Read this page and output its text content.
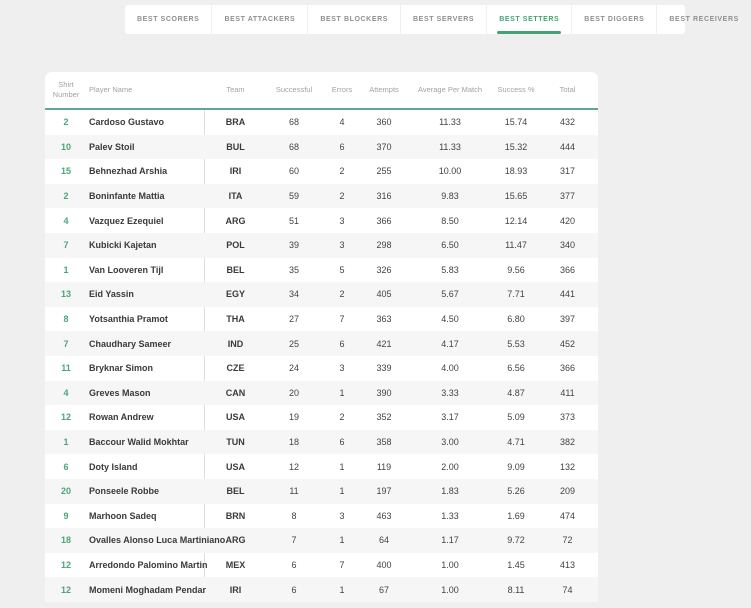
BEST SCORERS	BEST ATTACKERS	BEST BLOCKERS	BEST SERVERS	BEST SETTERS	BEST DIGGERS	BEST RECEIVERS
Shirt Number	Player Name	Team	Successful	Errors	Attempts	Average Per Match	Success %	Total
2	Cardoso Gustavo	BRA	68	4	360	11.33	15.74	432
10	Palev Stoil	BUL	68	6	370	11.33	15.32	444
15	Behnezhad Arshia	IRI	60	2	255	10.00	18.93	317
2	Boninfante Mattia	ITA	59	2	316	9.83	15.65	377
4	Vazquez Ezequiel	ARG	51	3	366	8.50	12.14	420
7	Kubicki Kajetan	POL	39	3	298	6.50	11.47	340
1	Van Looveren Tijl	BEL	35	5	326	5.83	9.56	366
13	Eid Yassin	EGY	34	2	405	5.67	7.71	441
8	Yotsanthia Pramot	THA	27	7	363	4.50	6.80	397
7	Chaudhary Sameer	IND	25	6	421	4.17	5.53	452
11	Bryknar Simon	CZE	24	3	339	4.00	6.56	366
4	Greves Mason	CAN	20	1	390	3.33	4.87	411
12	Rowan Andrew	USA	19	2	352	3.17	5.09	373
1	Baccour Walid Mokhtar	TUN	18	6	358	3.00	4.71	382
6	Doty Island	USA	12	1	119	2.00	9.09	132
20	Ponseele Robbe	BEL	11	1	197	1.83	5.26	209
9	Marhoon Sadeq	BRN	8	3	463	1.33	1.69	474
18	Ovalles Alonso Luca Martiniano	ARG	7	1	64	1.17	9.72	72
12	Arredondo Palomino Martin	MEX	6	7	400	1.00	1.45	413
12	Momeni Moghadam Pendar	IRI	6	1	67	1.00	8.11	74
